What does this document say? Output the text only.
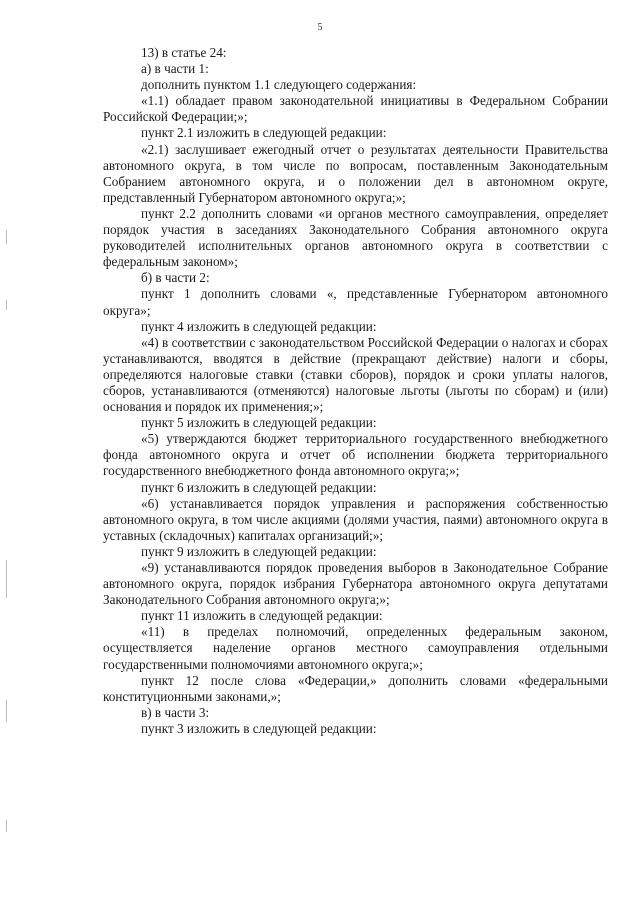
5

13) в статье 24:

а) в части 1:

дополнить пунктом 1.1 следующего содержания:

«1.1) обладает правом законодательной инициативы в Федеральном Собрании Российской Федерации;»;

пункт 2.1 изложить в следующей редакции:

«2.1) заслушивает ежегодный отчет о результатах деятельности Правительства автономного округа, в том числе по вопросам, поставленным Законодательным Собранием автономного округа, и о положении дел в автономном округе, представленный Губернатором автономного округа;»;

пункт 2.2 дополнить словами «и органов местного самоуправления, определяет порядок участия в заседаниях Законодательного Собрания автономного округа руководителей исполнительных органов автономного округа в соответствии с федеральным законом»;

б) в части 2:

пункт 1 дополнить словами «, представленные Губернатором автономного округа»;

пункт 4 изложить в следующей редакции:

«4) в соответствии с законодательством Российской Федерации о налогах и сборах устанавливаются, вводятся в действие (прекращают действие) налоги и сборы, определяются налоговые ставки (ставки сборов), порядок и сроки уплаты налогов, сборов, устанавливаются (отменяются) налоговые льготы (льготы по сборам) и (или) основания и порядок их применения;»;

пункт 5 изложить в следующей редакции:

«5) утверждаются бюджет территориального государственного внебюджетного фонда автономного округа и отчет об исполнении бюджета территориального государственного внебюджетного фонда автономного округа;»;

пункт 6 изложить в следующей редакции:

«6) устанавливается порядок управления и распоряжения собственностью автономного округа, в том числе акциями (долями участия, паями) автономного округа в уставных (складочных) капиталах организаций;»;

пункт 9 изложить в следующей редакции:

«9) устанавливаются порядок проведения выборов в Законодательное Собрание автономного округа, порядок избрания Губернатора автономного округа депутатами Законодательного Собрания автономного округа;»;

пункт 11 изложить в следующей редакции:

«11) в пределах полномочий, определенных федеральным законом, осуществляется наделение органов местного самоуправления отдельными государственными полномочиями автономного округа;»;

пункт 12 после слова «Федерации,» дополнить словами «федеральными конституционными законами,»;

в) в части 3:

пункт 3 изложить в следующей редакции:
